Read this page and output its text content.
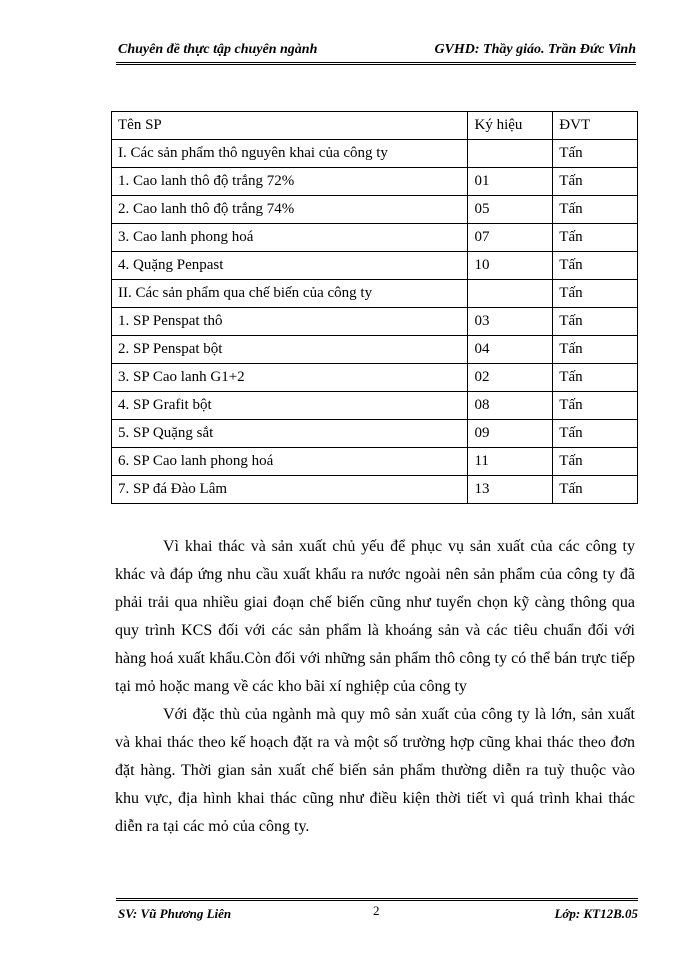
Chuyên đề thực tập chuyên ngành	GVHD: Thầy giáo. Trần Đức Vinh
Tên SP	Ký hiệu	ĐVT
I. Các sản phẩm thô nguyên khai của công ty		Tấn
1. Cao lanh thô độ trắng 72%	01	Tấn
2. Cao lanh thô độ trắng 74%	05	Tấn
3. Cao lanh phong hoá	07	Tấn
4. Quặng Penpast	10	Tấn
II. Các sản phẩm qua chế biến của công ty		Tấn
1. SP Penspat thô	03	Tấn
2. SP Penspat bột	04	Tấn
3. SP Cao lanh G1+2	02	Tấn
4. SP Grafit bột	08	Tấn
5. SP Quặng sắt	09	Tấn
6. SP Cao lanh phong hoá	11	Tấn
7. SP đá Đào Lâm	13	Tấn

Vì khai thác và sản xuất chủ yếu để phục vụ sản xuất của các công ty khác và đáp ứng nhu cầu xuất khẩu ra nước ngoài nên sản phẩm của công ty đã phải trải qua nhiều giai đoạn chế biến cũng như tuyển chọn kỹ càng thông qua quy trình KCS đối với các sản phẩm là khoáng sản và các tiêu chuẩn đối với hàng hoá xuất khẩu.Còn đối với những sản phẩm thô công ty có thể bán trực tiếp tại mỏ hoặc mang về các kho bãi xí nghiệp của công ty

Với đặc thù của ngành mà quy mô sản xuất của công ty là lớn, sản xuất và khai thác theo kế hoạch đặt ra và một số trường hợp cũng khai thác theo đơn đặt hàng. Thời gian sản xuất chế biến sản phẩm thường diễn ra tuỳ thuộc vào khu vực, địa hình khai thác cũng như điều kiện thời tiết vì quá trình khai thác diễn ra tại các mỏ của công ty.

SV: Vũ Phương Liên	2	Lớp: KT12B.05
